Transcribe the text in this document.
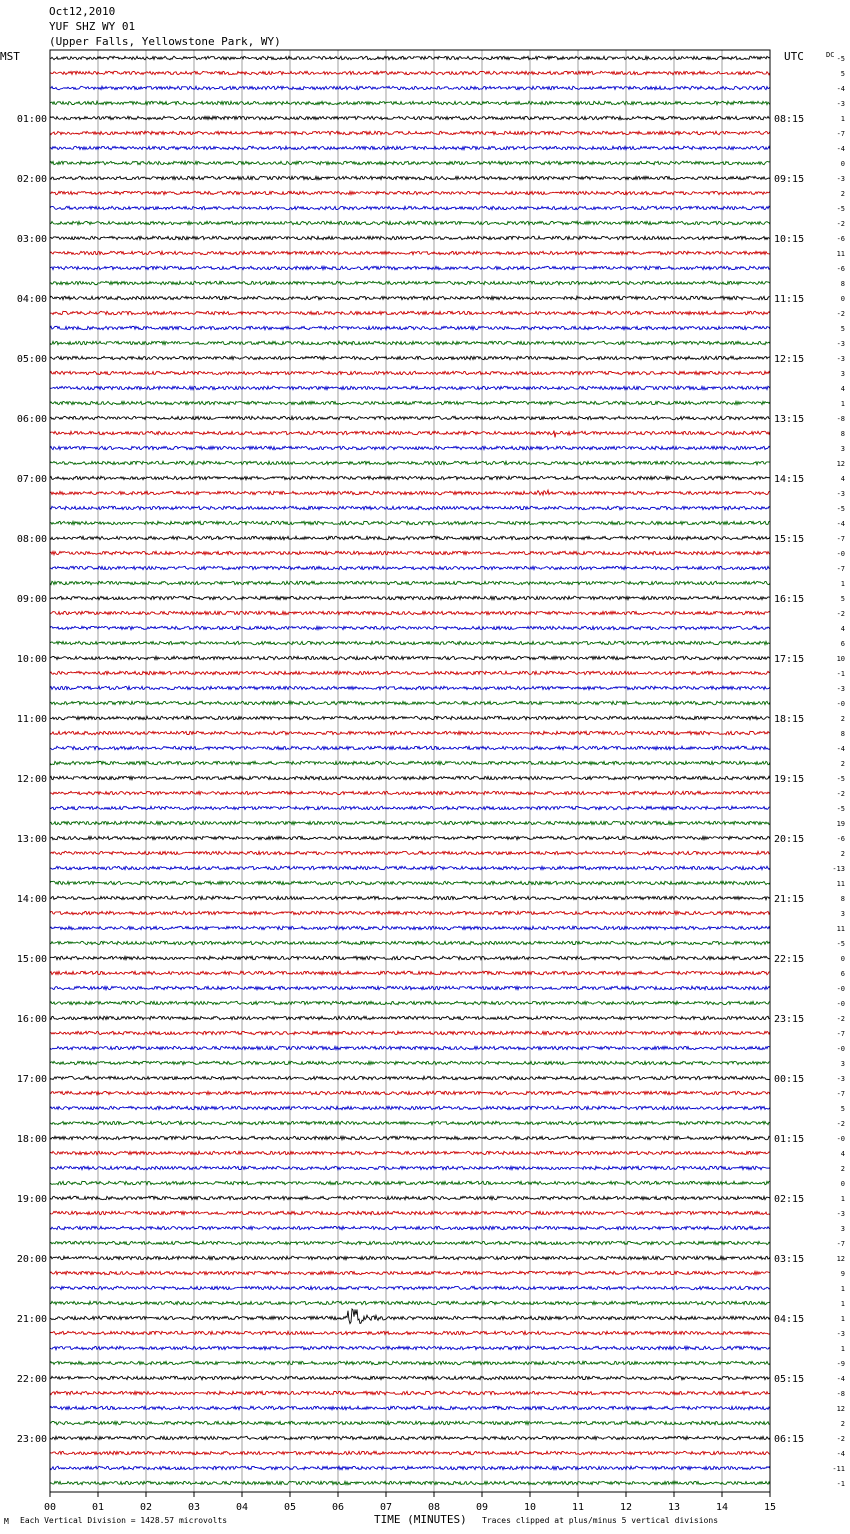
Oct12,2010
YUF SHZ WY 01
(Upper Falls, Yellowstone Park, WY)
MST	UTC	DC
01:00
02:00
03:00
04:00
05:00
06:00
07:00
08:00
09:00
10:00
11:00
12:00
13:00
14:00
15:00
16:00
17:00
18:00
19:00
20:00
21:00
22:00
23:00
08:15
09:15
10:15
11:15
12:15
13:15
14:15
15:15
16:15
17:15
18:15
19:15
20:15
21:15
22:15
23:15
00:15
01:15
02:15
03:15
04:15
05:15
06:15
-5
5
-4
-3
1
-7
-4
0
-3
2
-5
-2
-6
11
-6
8
0
-2
5
-3
-3
3
4
1
-8
8
3
12
4
-3
-5
-4
-7
-0
-7
1
5
-2
4
6
10
-1
-3
-0
2
8
-4
2
-5
-2
-5
19
-6
2
-13
11
8
3
11
-5
0
6
-0
-0
-2
-7
-0
3
-3
-7
5
-2
-0
4
2
0
1
-3
3
-7
12
9
1
1
1
-3
1
-9
-4
-8
12
2
-2
-4
-11
-1
00	01	02	03	04	05	06	07	08	09	10	11	12	13	14	15
M Each Vertical Division = 1428.57 microvolts	TIME (MINUTES) Traces clipped at plus/minus 5 vertical divisions
